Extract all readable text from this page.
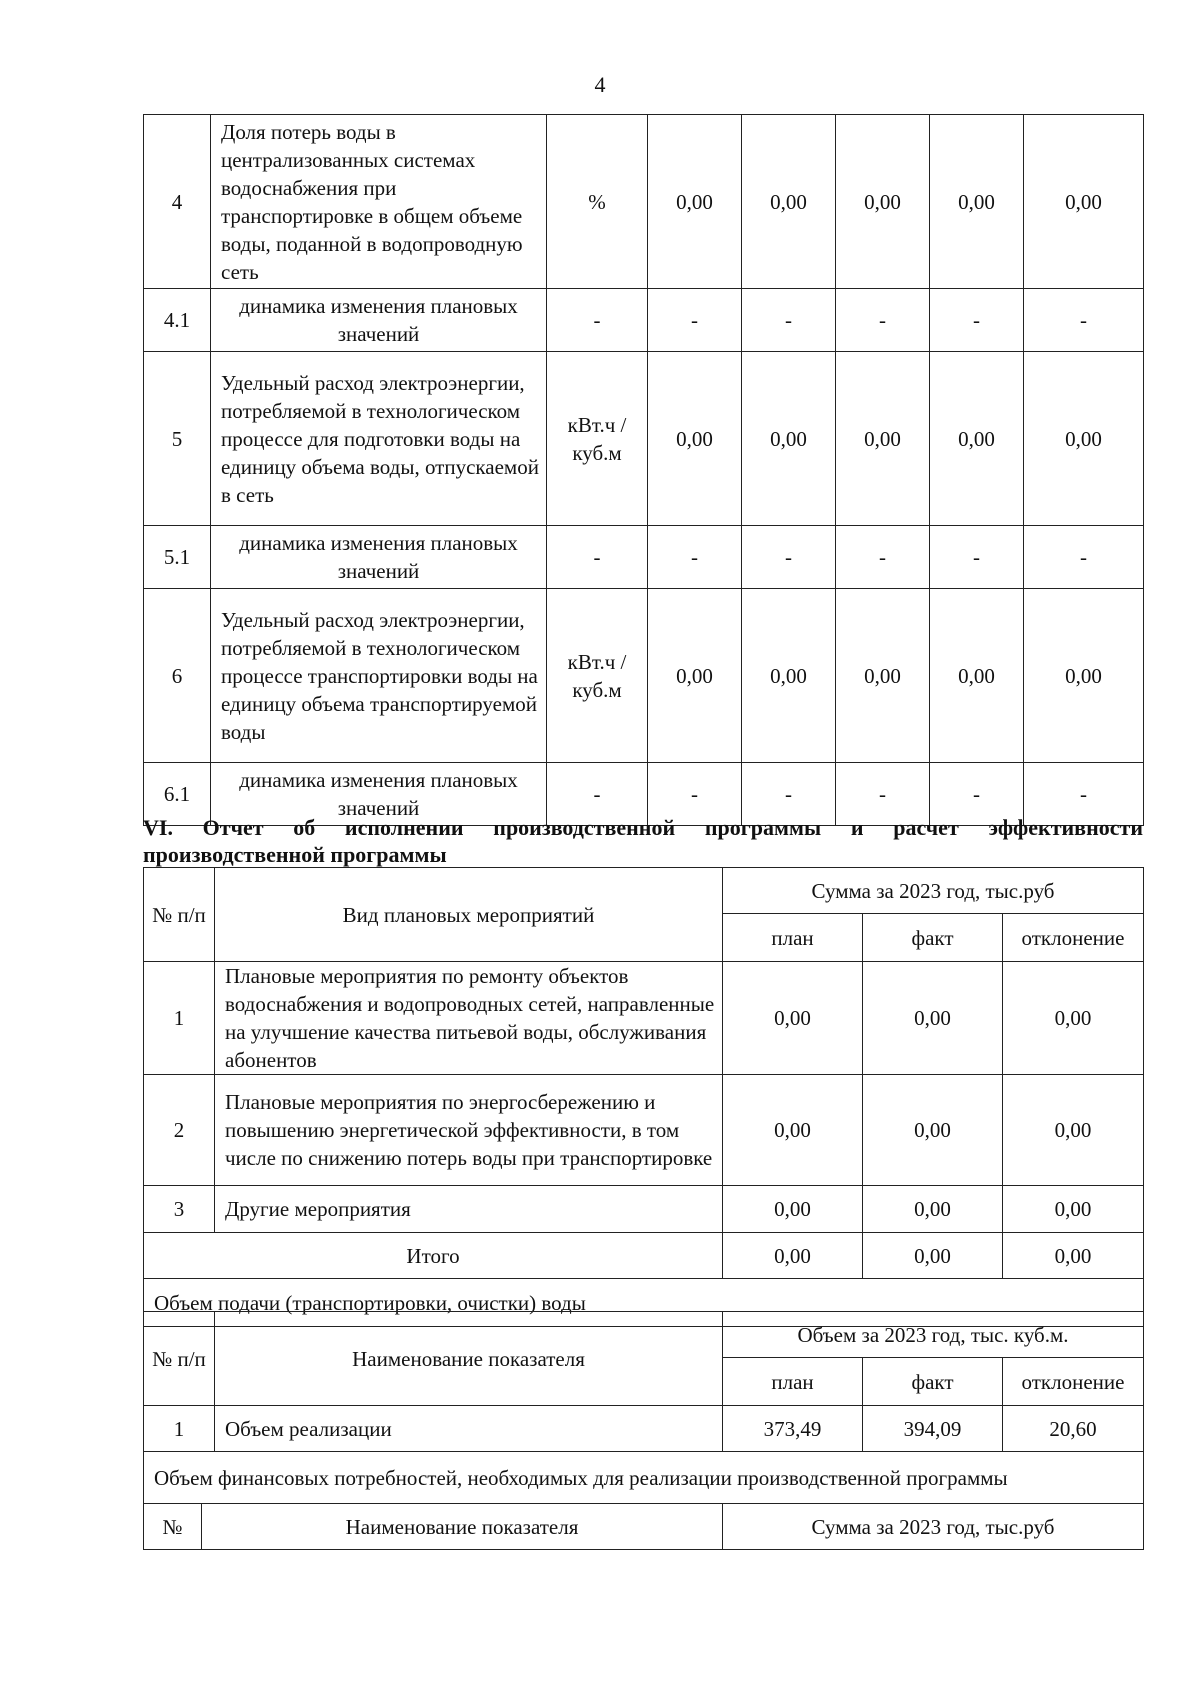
4
4	Доля потерь воды в централизованных системах водоснабжения при транспортировке в общем объеме воды, поданной в водопроводную сеть	%	0,00	0,00	0,00	0,00	0,00
4.1	динамика изменения плановых значений	-	-	-	-	-	-
5	Удельный расход электроэнергии, потребляемой в технологическом процессе для подготовки воды на единицу объема воды, отпускаемой в сеть	кВт.ч / куб.м	0,00	0,00	0,00	0,00	0,00
5.1	динамика изменения плановых значений	-	-	-	-	-	-
6	Удельный расход электроэнергии, потребляемой в технологическом процессе транспортировки воды на единицу объема транспортируемой воды	кВт.ч / куб.м	0,00	0,00	0,00	0,00	0,00
6.1	динамика изменения плановых значений	-	-	-	-	-	-
VI. Отчет об исполнении производственной программы и расчет эффективности
производственной программы
№ п/п	Вид плановых мероприятий	Сумма за 2023 год, тыс.руб		
		план	факт	отклонение
1	Плановые мероприятия по ремонту объектов водоснабжения и водопроводных сетей, направленные на улучшение качества питьевой воды, обслуживания абонентов	0,00	0,00	0,00
2	Плановые мероприятия по энергосбережению и повышению энергетической эффективности, в том числе по снижению потерь воды при транспортировке	0,00	0,00	0,00
3	Другие мероприятия	0,00	0,00	0,00
Итого		0,00	0,00	0,00
Объем подачи (транспортировки, очистки) воды				
№ п/п	Наименование показателя	Объем за 2023 год, тыс. куб.м.		
		план	факт	отклонение
1	Объем реализации	373,49	394,09	20,60
Объем финансовых потребностей, необходимых для реализации производственной программы				
№	Наименование показателя	Сумма за 2023 год, тыс.руб
